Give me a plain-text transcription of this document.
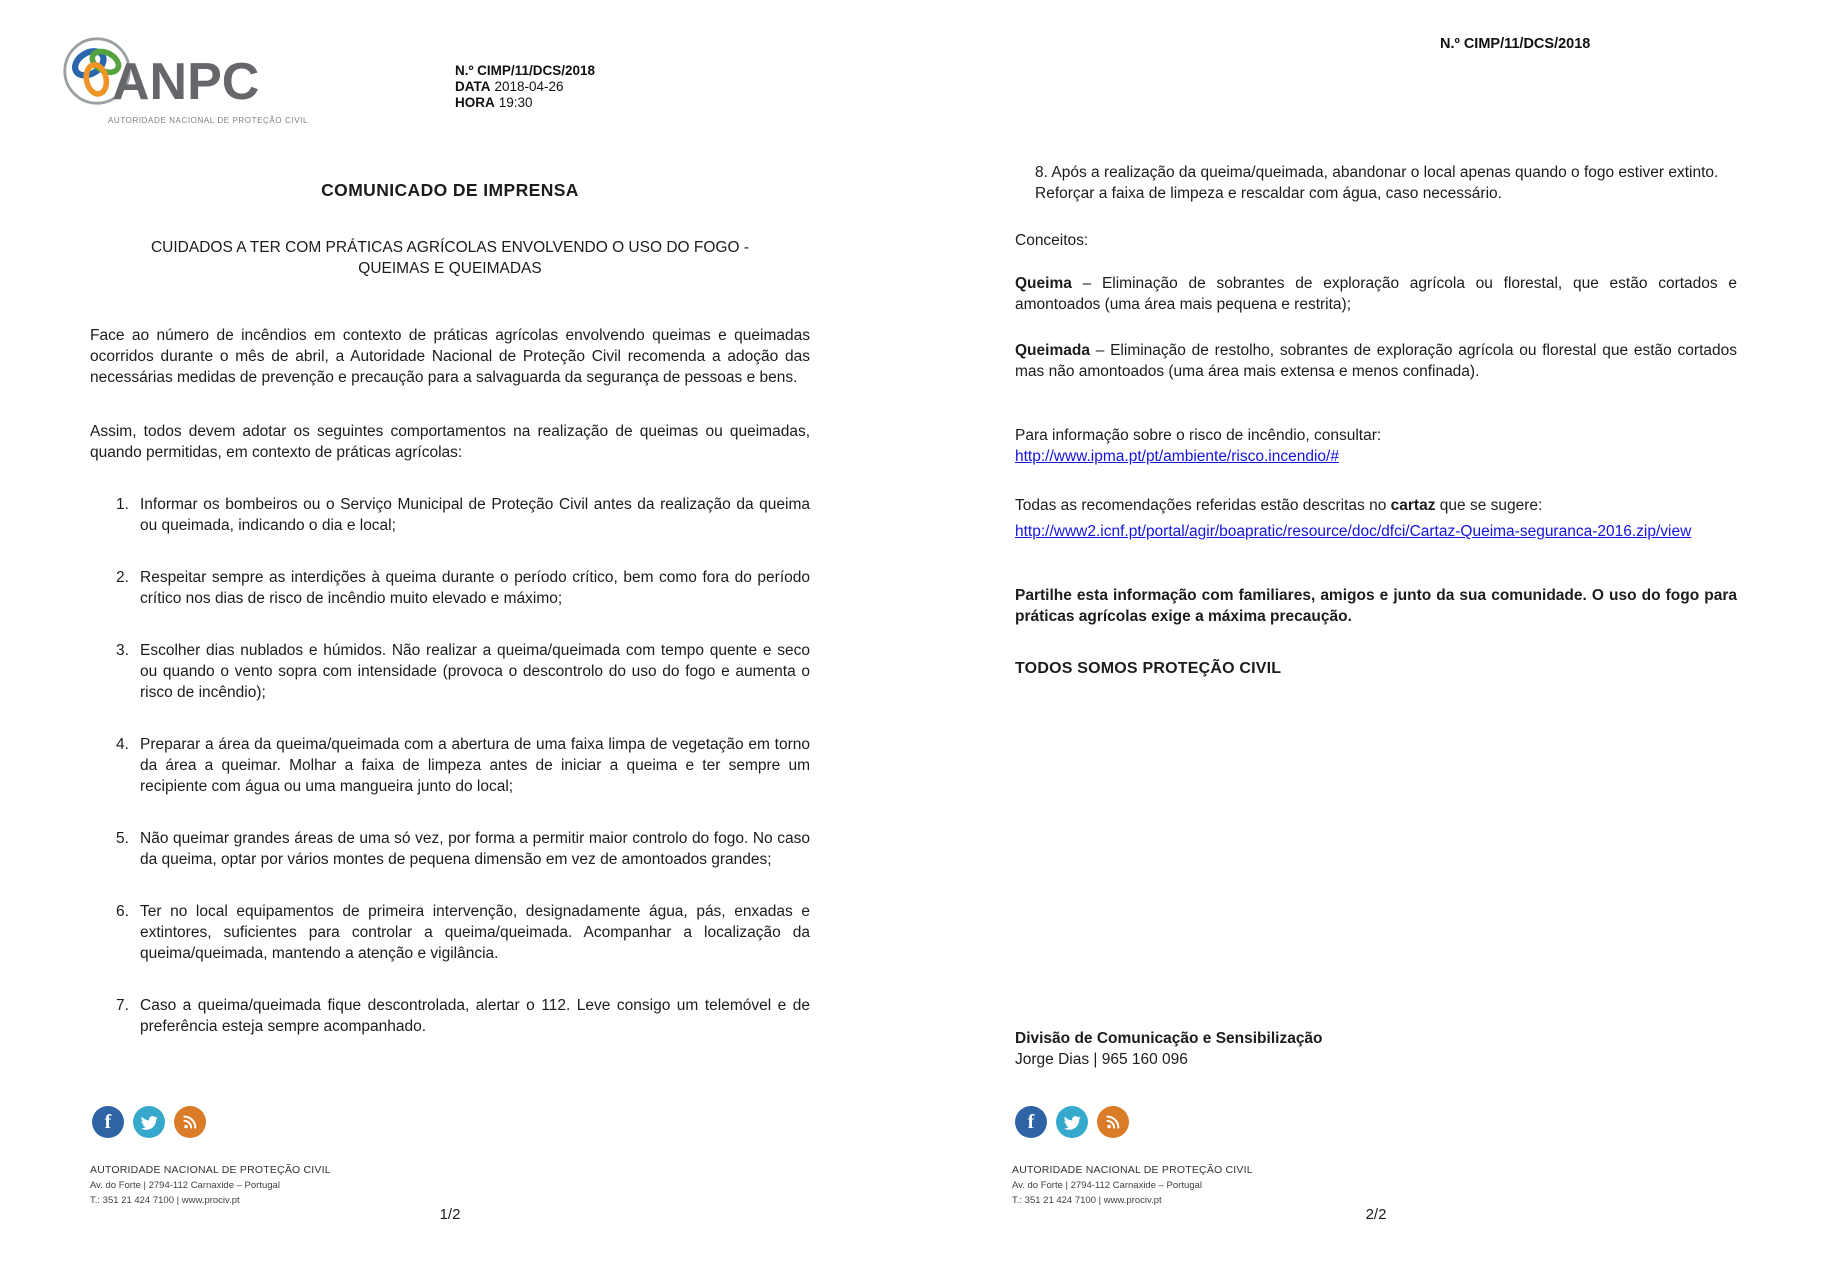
ANPC
AUTORIDADE NACIONAL DE PROTEÇÃO CIVIL
N.º CIMP/11/DCS/2018
DATA 2018-04-26
HORA 19:30
COMUNICADO DE IMPRENSA
CUIDADOS A TER COM PRÁTICAS AGRÍCOLAS ENVOLVENDO O USO DO FOGO - QUEIMAS E QUEIMADAS

Face ao número de incêndios em contexto de práticas agrícolas envolvendo queimas e queimadas ocorridos durante o mês de abril, a Autoridade Nacional de Proteção Civil recomenda a adoção das necessárias medidas de prevenção e precaução para a salvaguarda da segurança de pessoas e bens.

Assim, todos devem adotar os seguintes comportamentos na realização de queimas ou queimadas, quando permitidas, em contexto de práticas agrícolas:

1. Informar os bombeiros ou o Serviço Municipal de Proteção Civil antes da realização da queima ou queimada, indicando o dia e local;
2. Respeitar sempre as interdições à queima durante o período crítico, bem como fora do período crítico nos dias de risco de incêndio muito elevado e máximo;
3. Escolher dias nublados e húmidos. Não realizar a queima/queimada com tempo quente e seco ou quando o vento sopra com intensidade (provoca o descontrolo do uso do fogo e aumenta o risco de incêndio);
4. Preparar a área da queima/queimada com a abertura de uma faixa limpa de vegetação em torno da área a queimar. Molhar a faixa de limpeza antes de iniciar a queima e ter sempre um recipiente com água ou uma mangueira junto do local;
5. Não queimar grandes áreas de uma só vez, por forma a permitir maior controlo do fogo. No caso da queima, optar por vários montes de pequena dimensão em vez de amontoados grandes;
6. Ter no local equipamentos de primeira intervenção, designadamente água, pás, enxadas e extintores, suficientes para controlar a queima/queimada. Acompanhar a localização da queima/queimada, mantendo a atenção e vigilância.
7. Caso a queima/queimada fique descontrolada, alertar o 112. Leve consigo um telemóvel e de preferência esteja sempre acompanhado.
f
AUTORIDADE NACIONAL DE PROTEÇÃO CIVIL
Av. do Forte | 2794-112 Carnaxide – Portugal
T.: 351 21 424 7100 | www.prociv.pt
1/2
N.º CIMP/11/DCS/2018
8. Após a realização da queima/queimada, abandonar o local apenas quando o fogo estiver extinto. Reforçar a faixa de limpeza e rescaldar com água, caso necessário.
Conceitos:

Queima – Eliminação de sobrantes de exploração agrícola ou florestal, que estão cortados e amontoados (uma área mais pequena e restrita);

Queimada – Eliminação de restolho, sobrantes de exploração agrícola ou florestal que estão cortados mas não amontoados (uma área mais extensa e menos confinada).

Para informação sobre o risco de incêndio, consultar:
http://www.ipma.pt/pt/ambiente/risco.incendio/#

Todas as recomendações referidas estão descritas no cartaz que se sugere:

http://www2.icnf.pt/portal/agir/boapratic/resource/doc/dfci/Cartaz-Queima-seguranca-2016.zip/view

Partilhe esta informação com familiares, amigos e junto da sua comunidade. O uso do fogo para práticas agrícolas exige a máxima precaução.

TODOS SOMOS PROTEÇÃO CIVIL

Divisão de Comunicação e Sensibilização
Jorge Dias | 965 160 096
f
AUTORIDADE NACIONAL DE PROTEÇÃO CIVIL
Av. do Forte | 2794-112 Carnaxide – Portugal
T.: 351 21 424 7100 | www.prociv.pt
2/2
